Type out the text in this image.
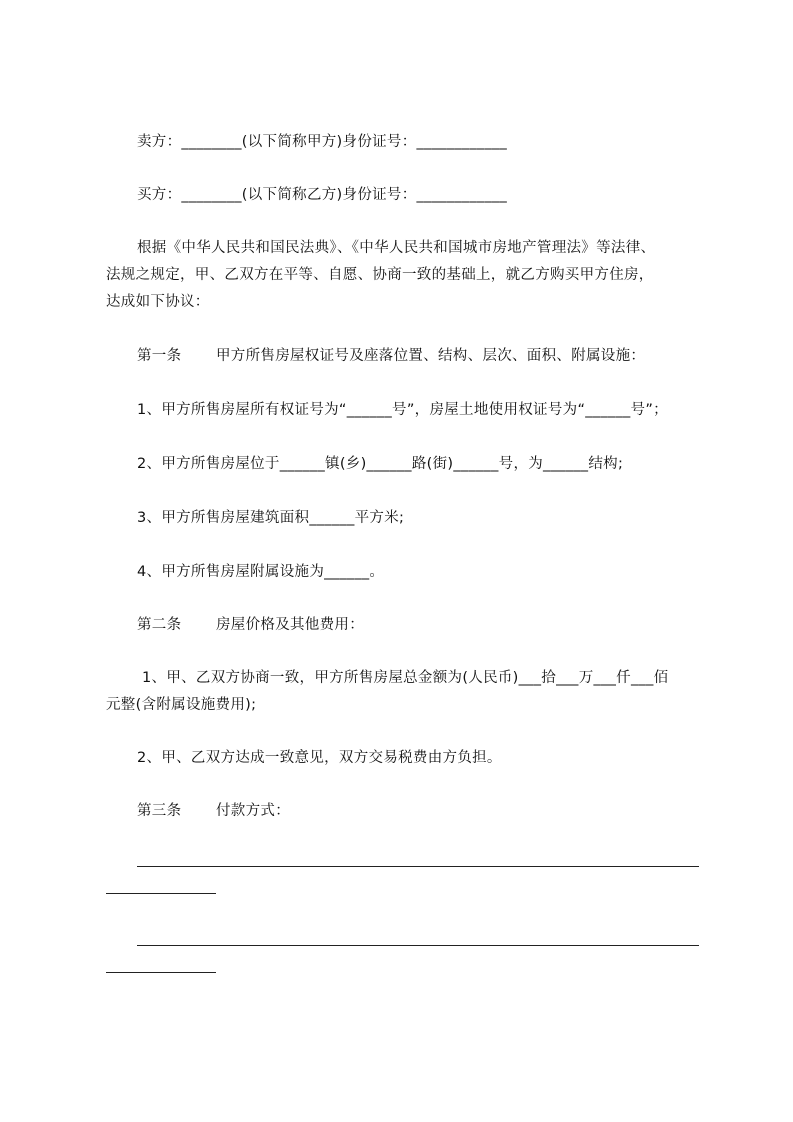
卖方：________(以下简称甲方)身份证号：____________
买方：________(以下简称乙方)身份证号：____________
根据《中华人民共和国民法典》、《中华人民共和国城市房地产管理法》等法律、
法规之规定，甲、乙双方在平等、自愿、协商一致的基础上，就乙方购买甲方住房，
达成如下协议：
第一条 甲方所售房屋权证号及座落位置、结构、层次、面积、附属设施：
1、甲方所售房屋所有权证号为“______号”，房屋土地使用权证号为“______号”；
2、甲方所售房屋位于______镇(乡)______路(街)______号，为______结构;
3、甲方所售房屋建筑面积______平方米;
4、甲方所售房屋附属设施为______。
第二条 房屋价格及其他费用：
1、甲、乙双方协商一致，甲方所售房屋总金额为(人民币)___拾___万___仟___佰
元整(含附属设施费用);
2、甲、乙双方达成一致意见，双方交易税费由方负担。
第三条 付款方式：
